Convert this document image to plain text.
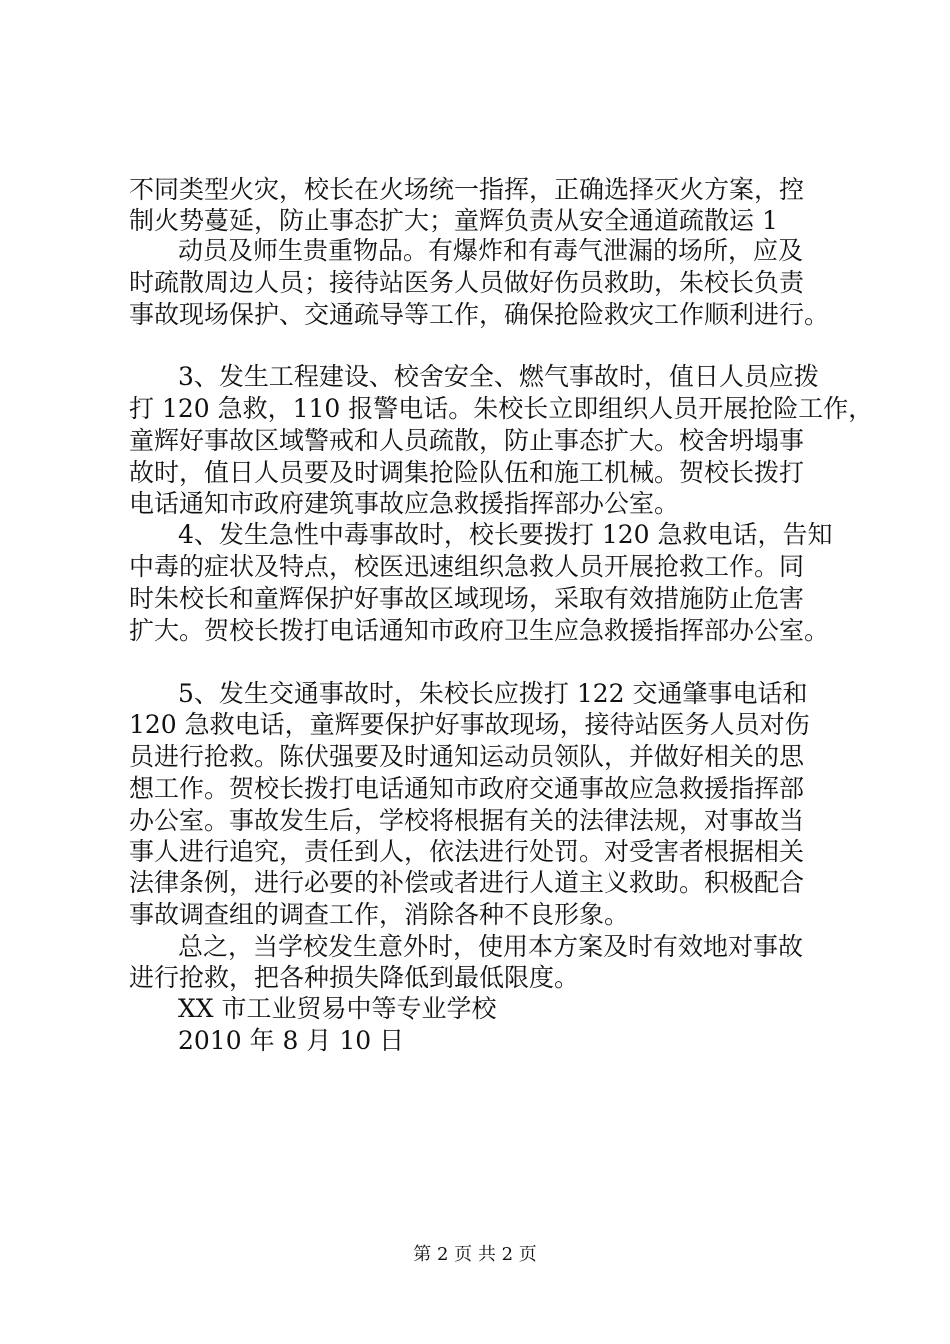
不同类型火灾，校长在火场统一指挥，正确选择灭火方案，控
制火势蔓延，防止事态扩大；童辉负责从安全通道疏散运 1
动员及师生贵重物品。有爆炸和有毒气泄漏的场所，应及
时疏散周边人员；接待站医务人员做好伤员救助，朱校长负责
事故现场保护、交通疏导等工作，确保抢险救灾工作顺利进行。
3、发生工程建设、校舍安全、燃气事故时，值日人员应拨
打 120 急救，110 报警电话。朱校长立即组织人员开展抢险工作，
童辉好事故区域警戒和人员疏散，防止事态扩大。校舍坍塌事
故时，值日人员要及时调集抢险队伍和施工机械。贺校长拨打
电话通知市政府建筑事故应急救援指挥部办公室。
4、发生急性中毒事故时，校长要拨打 120 急救电话，告知
中毒的症状及特点，校医迅速组织急救人员开展抢救工作。同
时朱校长和童辉保护好事故区域现场，采取有效措施防止危害
扩大。贺校长拨打电话通知市政府卫生应急救援指挥部办公室。
5、发生交通事故时，朱校长应拨打 122 交通肇事电话和
120 急救电话，童辉要保护好事故现场，接待站医务人员对伤
员进行抢救。陈伏强要及时通知运动员领队，并做好相关的思
想工作。贺校长拨打电话通知市政府交通事故应急救援指挥部
办公室。事故发生后，学校将根据有关的法律法规，对事故当
事人进行追究，责任到人，依法进行处罚。对受害者根据相关
法律条例，进行必要的补偿或者进行人道主义救助。积极配合
事故调查组的调查工作，消除各种不良形象。
总之，当学校发生意外时，使用本方案及时有效地对事故
进行抢救，把各种损失降低到最低限度。
XX 市工业贸易中等专业学校
2010 年 8 月 10 日
第 2 页 共 2 页
